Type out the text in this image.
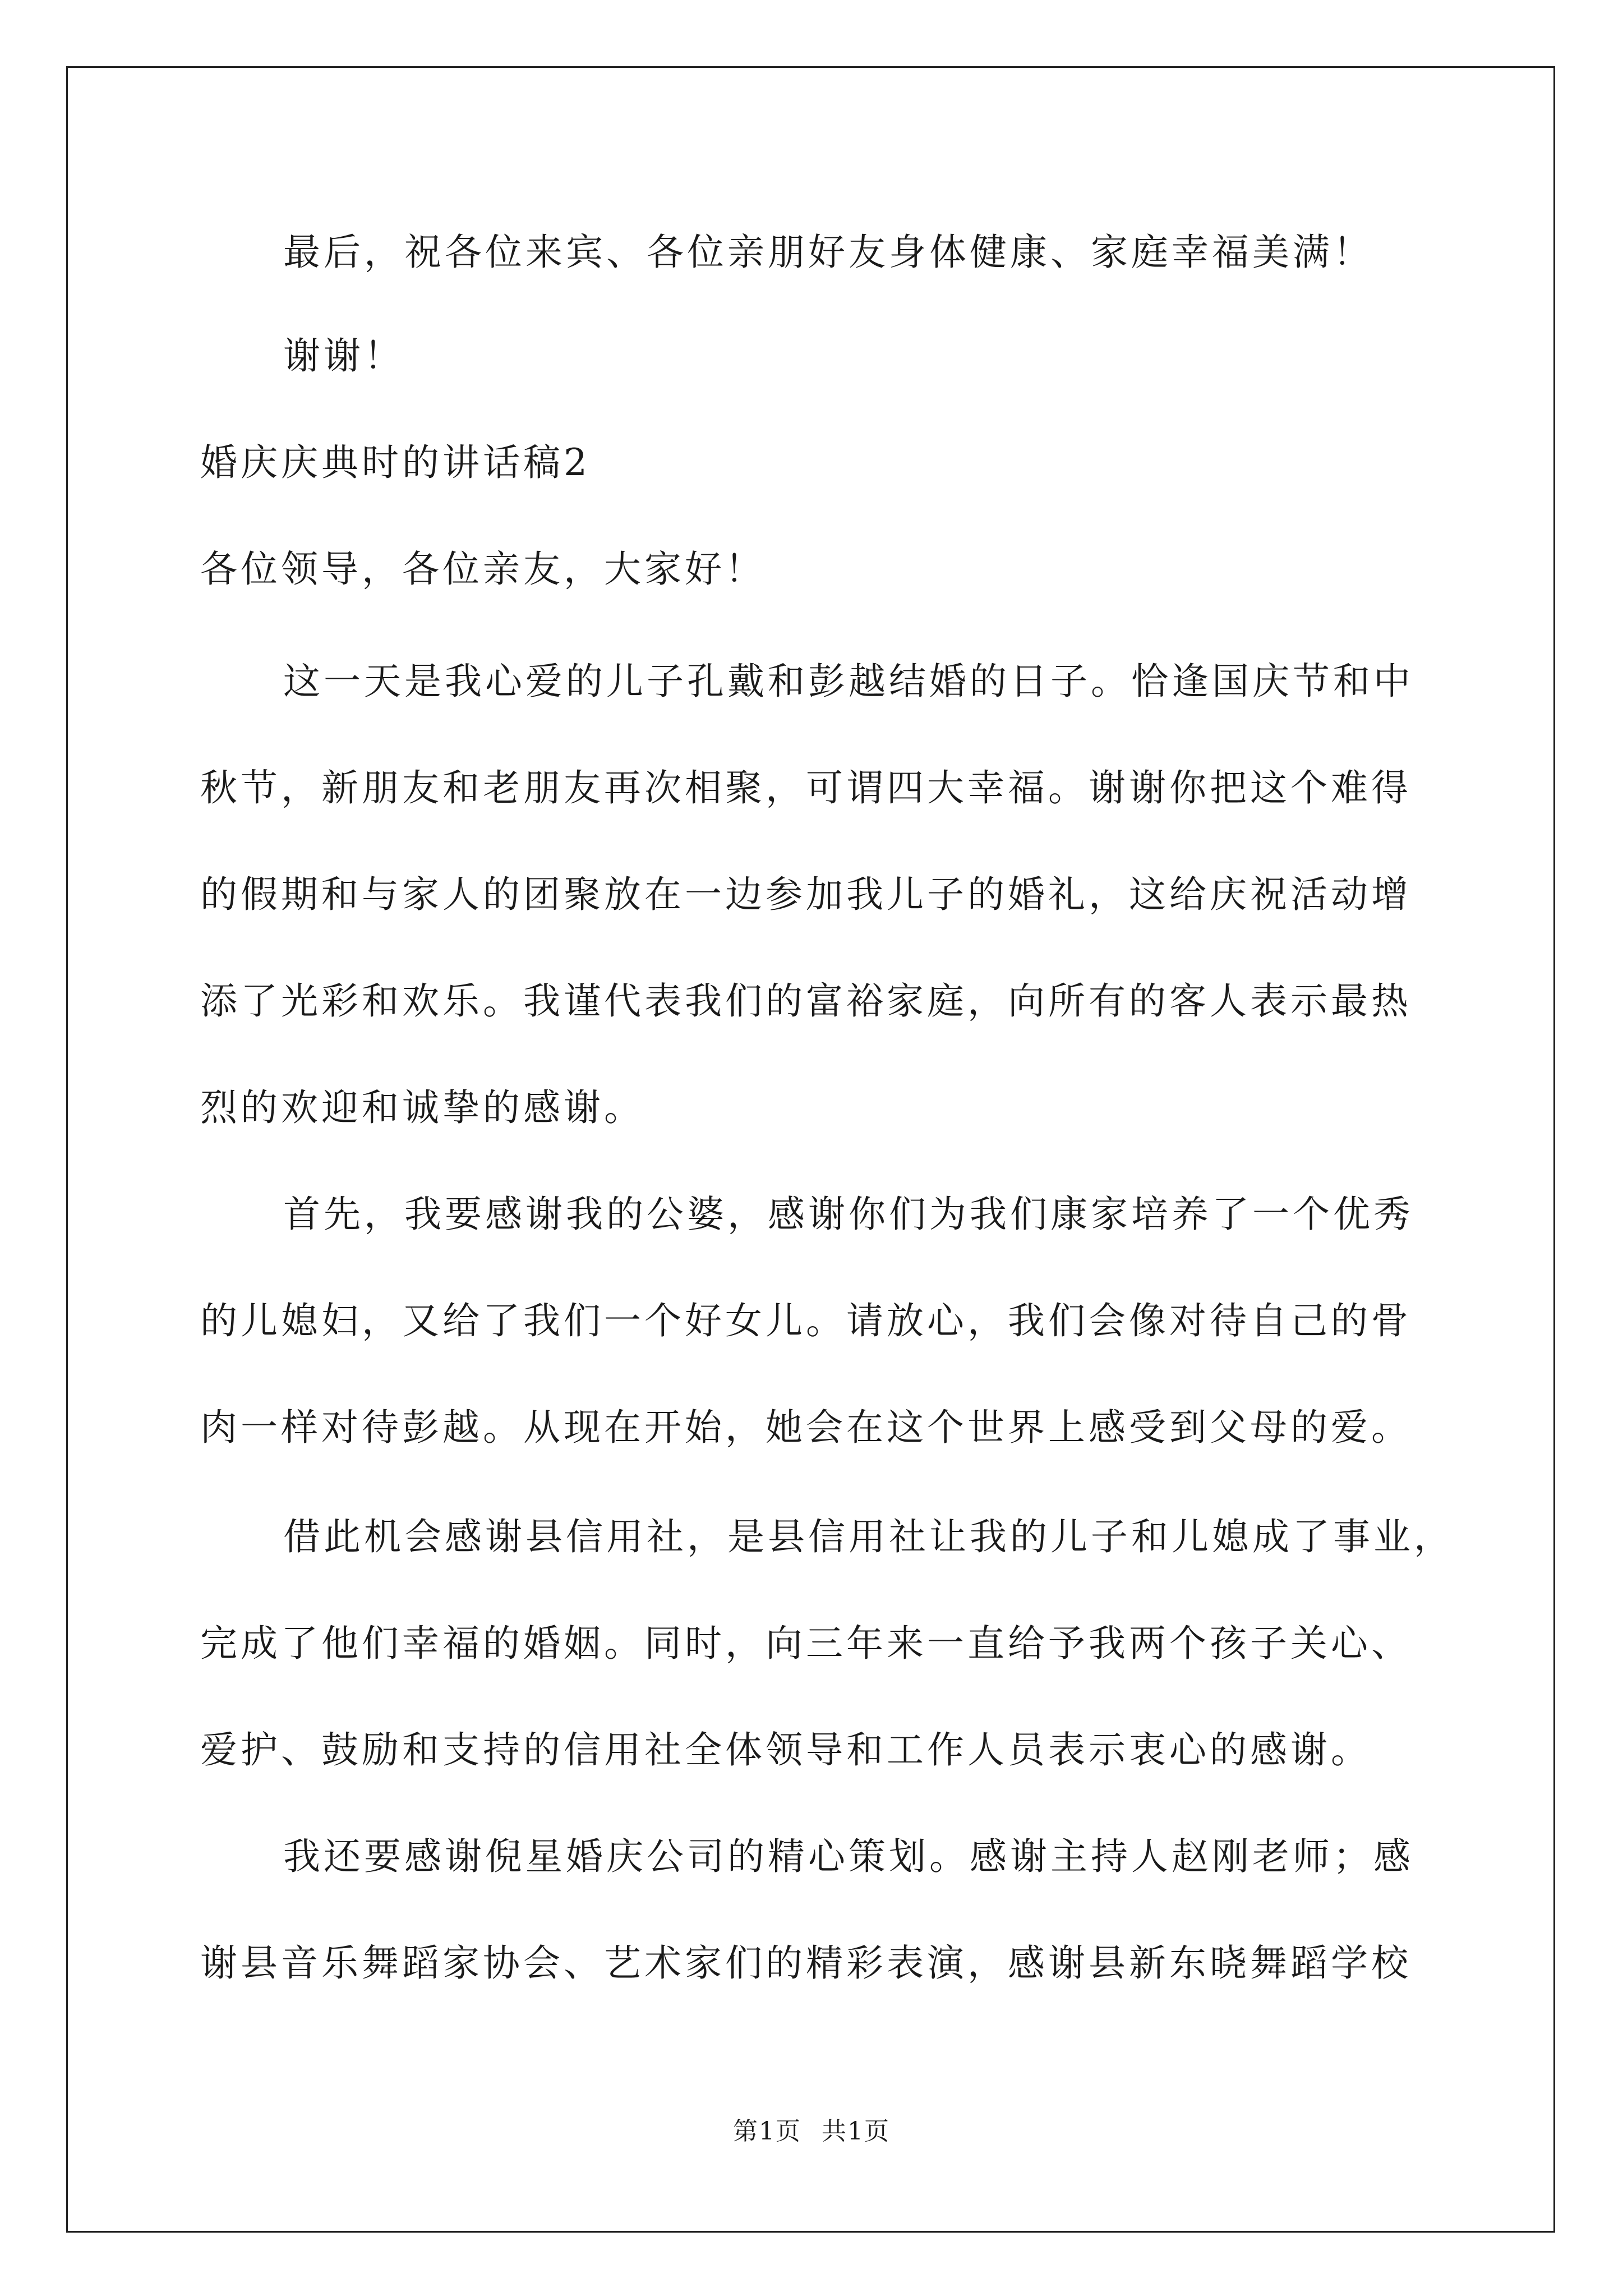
最后，祝各位来宾、各位亲朋好友身体健康、家庭幸福美满！
谢谢！
婚庆庆典时的讲话稿2
各位领导，各位亲友，大家好！
这一天是我心爱的儿子孔戴和彭越结婚的日子。恰逢国庆节和中
秋节，新朋友和老朋友再次相聚，可谓四大幸福。谢谢你把这个难得
的假期和与家人的团聚放在一边参加我儿子的婚礼，这给庆祝活动增
添了光彩和欢乐。我谨代表我们的富裕家庭，向所有的客人表示最热
烈的欢迎和诚挚的感谢。
首先，我要感谢我的公婆，感谢你们为我们康家培养了一个优秀
的儿媳妇，又给了我们一个好女儿。请放心，我们会像对待自己的骨
肉一样对待彭越。从现在开始，她会在这个世界上感受到父母的爱。
借此机会感谢县信用社，是县信用社让我的儿子和儿媳成了事业，
完成了他们幸福的婚姻。同时，向三年来一直给予我两个孩子关心、
爱护、鼓励和支持的信用社全体领导和工作人员表示衷心的感谢。
我还要感谢倪星婚庆公司的精心策划。感谢主持人赵刚老师；感
谢县音乐舞蹈家协会、艺术家们的精彩表演，感谢县新东晓舞蹈学校
第1页 共1页
